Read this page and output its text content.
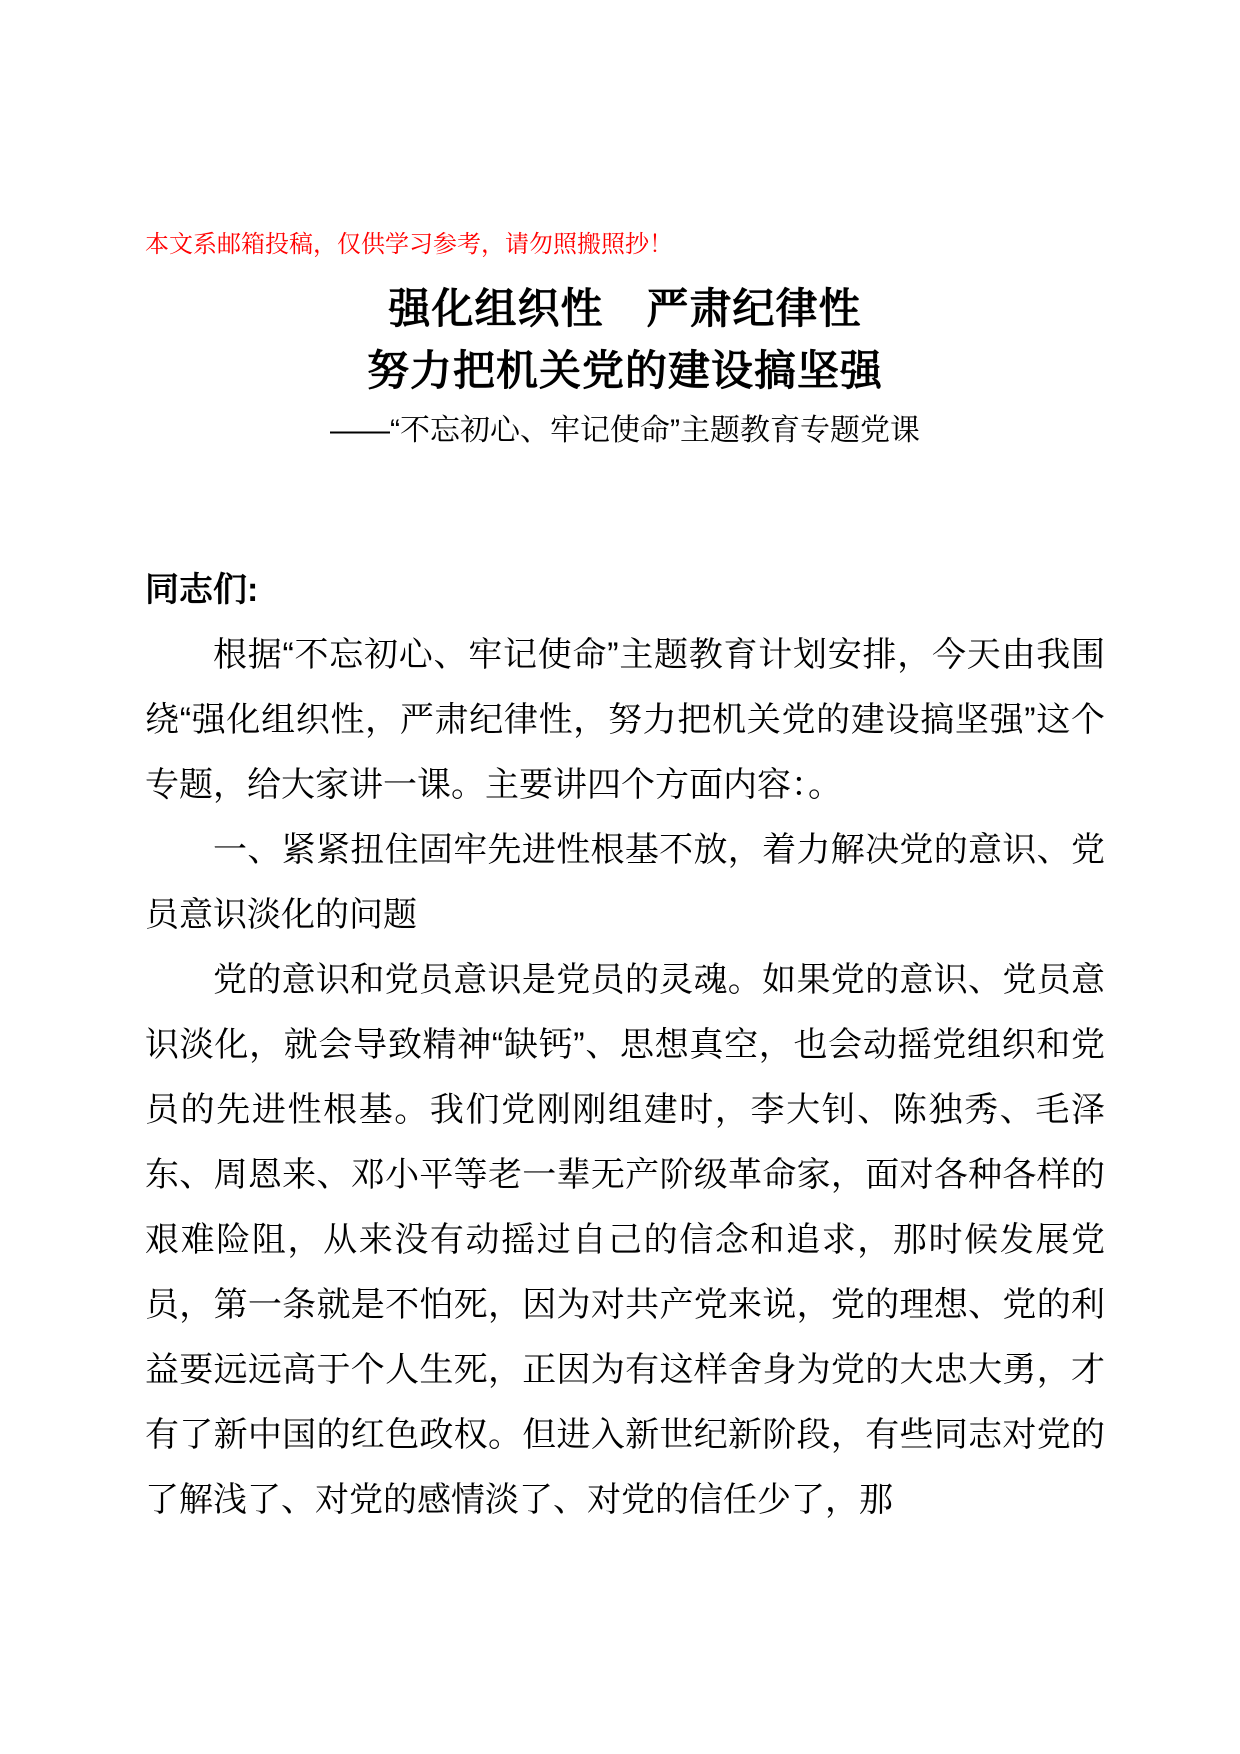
本文系邮箱投稿，仅供学习参考，请勿照搬照抄！

强化组织性　严肃纪律性
努力把机关党的建设搞坚强
——“不忘初心、牢记使命”主题教育专题党课
同志们:

根据“不忘初心、牢记使命”主题教育计划安排，今天由我围绕“强化组织性，严肃纪律性，努力把机关党的建设搞坚强”这个专题，给大家讲一课。主要讲四个方面内容：。

一、紧紧扭住固牢先进性根基不放，着力解决党的意识、党员意识淡化的问题

党的意识和党员意识是党员的灵魂。如果党的意识、党员意识淡化，就会导致精神“缺钙”、思想真空，也会动摇党组织和党员的先进性根基。我们党刚刚组建时，李大钊、陈独秀、毛泽东、周恩来、邓小平等老一辈无产阶级革命家，面对各种各样的艰难险阻，从来没有动摇过自己的信念和追求，那时候发展党员，第一条就是不怕死，因为对共产党来说，党的理想、党的利益要远远高于个人生死，正因为有这样舍身为党的大忠大勇，才有了新中国的红色政权。但进入新世纪新阶段，有些同志对党的了解浅了、对党的感情淡了、对党的信任少了，那
